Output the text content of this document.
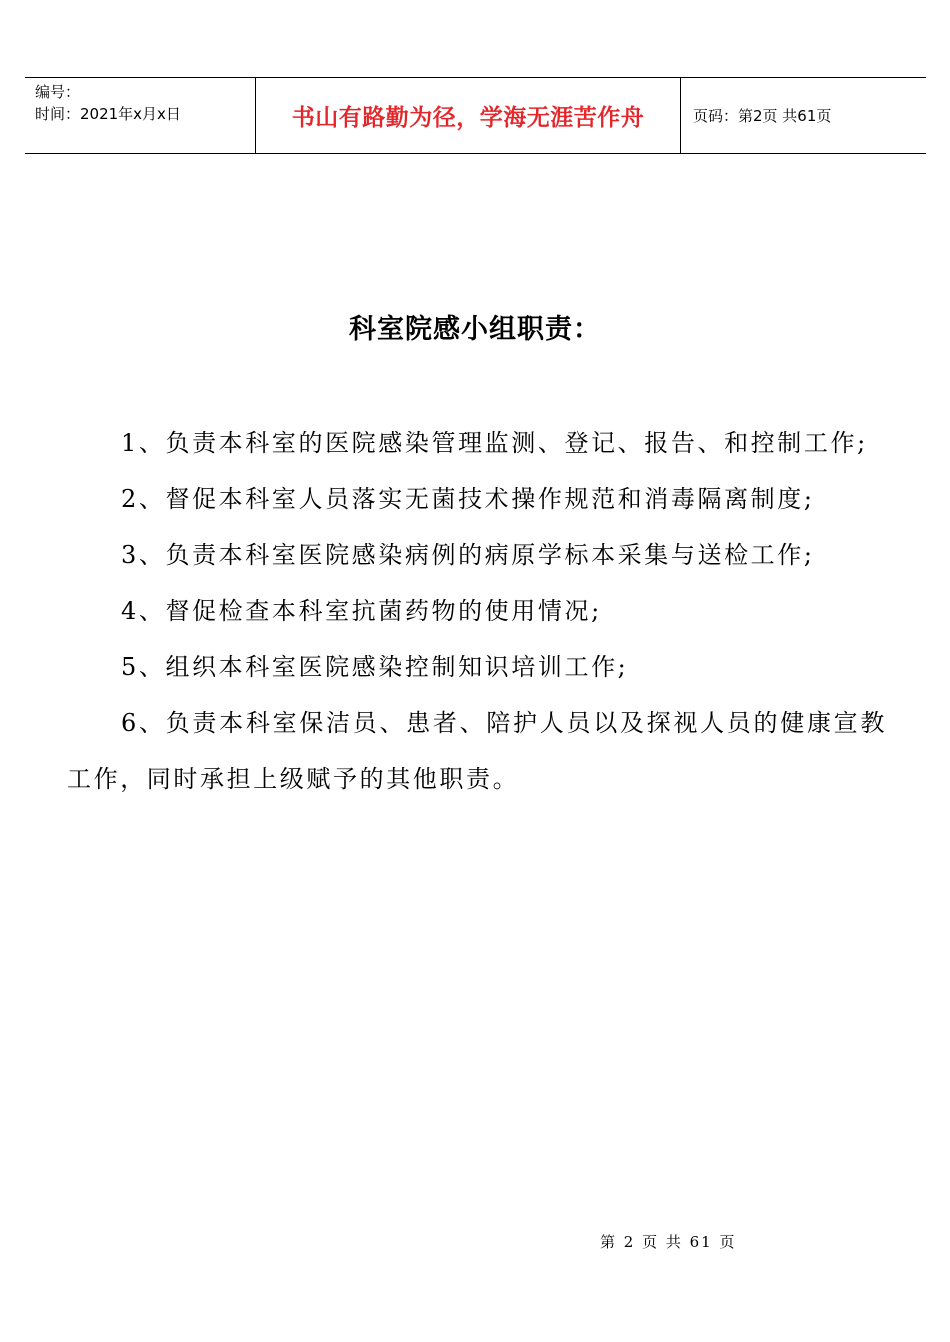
编号：
时间：2021年x月x日	书山有路勤为径，学海无涯苦作舟	页码：第2页 共61页
科室院感小组职责：

1、负责本科室的医院感染管理监测、登记、报告、和控制工作;

2、督促本科室人员落实无菌技术操作规范和消毒隔离制度;

3、负责本科室医院感染病例的病原学标本采集与送检工作;

4、督促检查本科室抗菌药物的使用情况;

5、组织本科室医院感染控制知识培训工作;

6、负责本科室保洁员、患者、陪护人员以及探视人员的健康宣教工作，同时承担上级赋予的其他职责。

第 2 页 共 61 页
